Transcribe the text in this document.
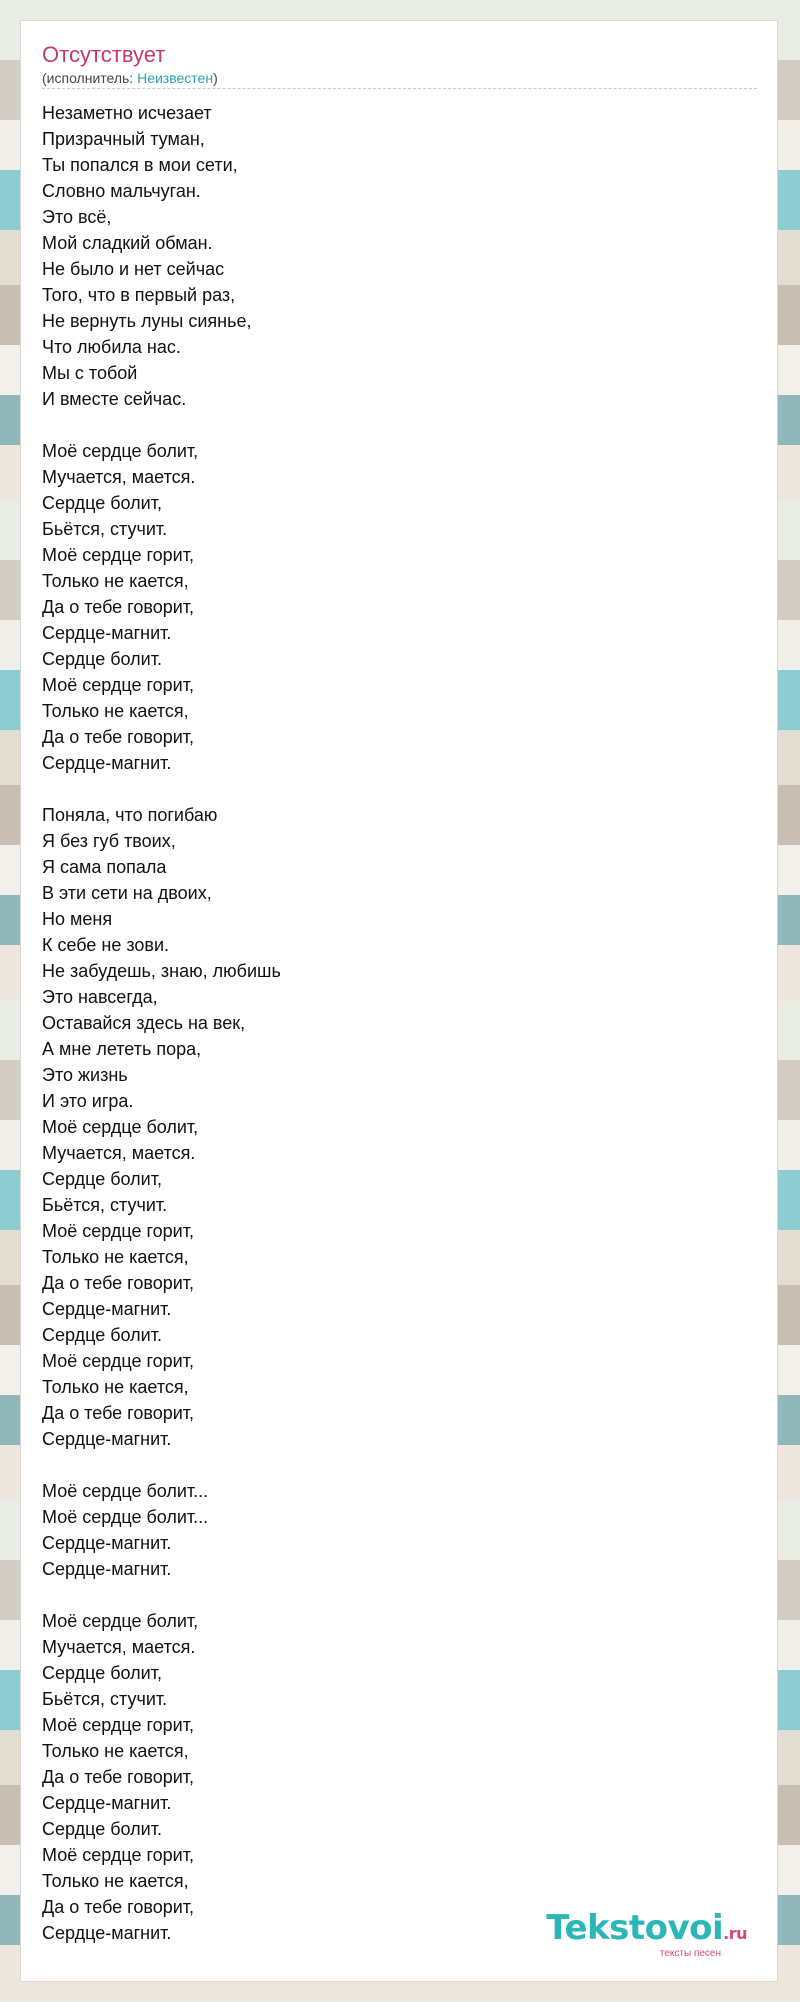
Отсутствует
(исполнитель: Неизвестен)
Незаметно исчезает
Призрачный туман,
Ты попался в мои сети,
Словно мальчуган.
Это всё,
Мой сладкий обман.
Не было и нет сейчас
Того, что в первый раз,
Не вернуть луны сиянье,
Что любила нас.
Мы с тобой
И вместе сейчас.
Моё сердце болит,
Мучается, мается.
Сердце болит,
Бьётся, стучит.
Моё сердце горит,
Только не кается,
Да о тебе говорит,
Сердце-магнит.
Сердце болит.
Моё сердце горит,
Только не кается,
Да о тебе говорит,
Сердце-магнит.
Поняла, что погибаю
Я без губ твоих,
Я сама попала
В эти сети на двоих,
Но меня
К себе не зови.
Не забудешь, знаю, любишь
Это навсегда,
Оставайся здесь на век,
А мне лететь пора,
Это жизнь
И это игра.
Моё сердце болит,
Мучается, мается.
Сердце болит,
Бьётся, стучит.
Моё сердце горит,
Только не кается,
Да о тебе говорит,
Сердце-магнит.
Сердце болит.
Моё сердце горит,
Только не кается,
Да о тебе говорит,
Сердце-магнит.
Моё сердце болит...
Моё сердце болит...
Сердце-магнит.
Сердце-магнит.
Моё сердце болит,
Мучается, мается.
Сердце болит,
Бьётся, стучит.
Моё сердце горит,
Только не кается,
Да о тебе говорит,
Сердце-магнит.
Сердце болит.
Моё сердце горит,
Только не кается,
Да о тебе говорит,
Сердце-магнит.	Tekstovoi.ru
тексты песен
